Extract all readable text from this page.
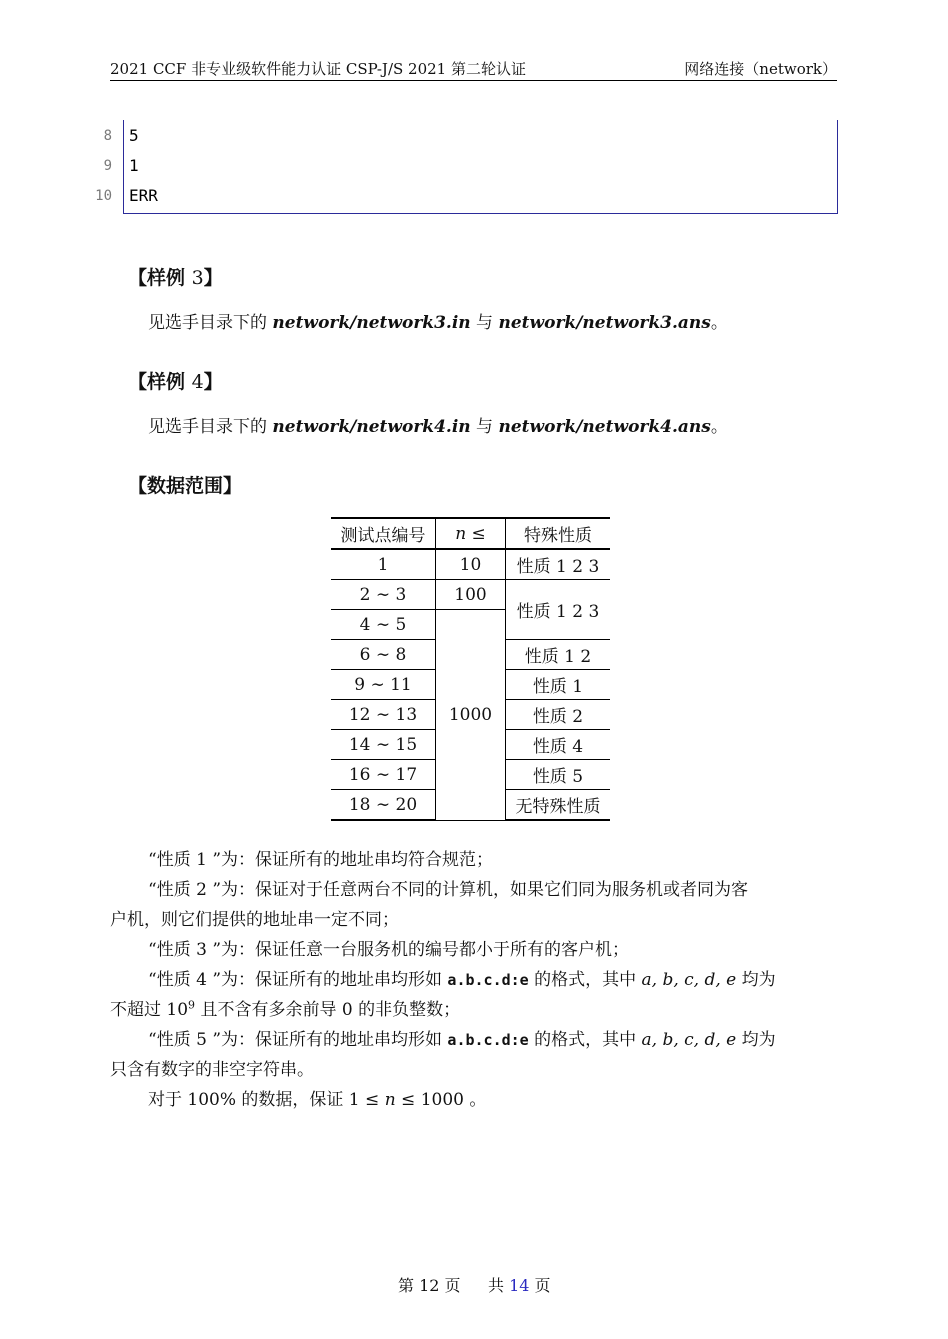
2021 CCF 非专业级软件能力认证 CSP-J/S 2021 第二轮认证	网络连接（network）
8 5
9 1
10 ERR
【样例 3】
见选手目录下的 network/network3.in 与 network/network3.ans。
【样例 4】
见选手目录下的 network/network4.in 与 network/network4.ans。
【数据范围】
测试点编号	n ≤	特殊性质
1	10	性质 1 2 3
2 ∼ 3	100	性质 1 2 3
4 ∼ 5	1000	
6 ∼ 8		性质 1 2
9 ∼ 11		性质 1
12 ∼ 13		性质 2
14 ∼ 15		性质 4
16 ∼ 17		性质 5
18 ∼ 20		无特殊性质
“性质 1 ”为：保证所有的地址串均符合规范；
“性质 2 ”为：保证对于任意两台不同的计算机，如果它们同为服务机或者同为客
户机，则它们提供的地址串一定不同；
“性质 3 ”为：保证任意一台服务机的编号都小于所有的客户机；
“性质 4 ”为：保证所有的地址串均形如 a.b.c.d:e 的格式，其中 a, b, c, d, e 均为
不超过 $10^9$ 且不含有多余前导 0 的非负整数；
“性质 5 ”为：保证所有的地址串均形如 a.b.c.d:e 的格式，其中 a, b, c, d, e 均为
只含有数字的非空字符串。
对于 100% 的数据，保证 1 ≤ n ≤ 1000 。
第 12 页 共 14 页
